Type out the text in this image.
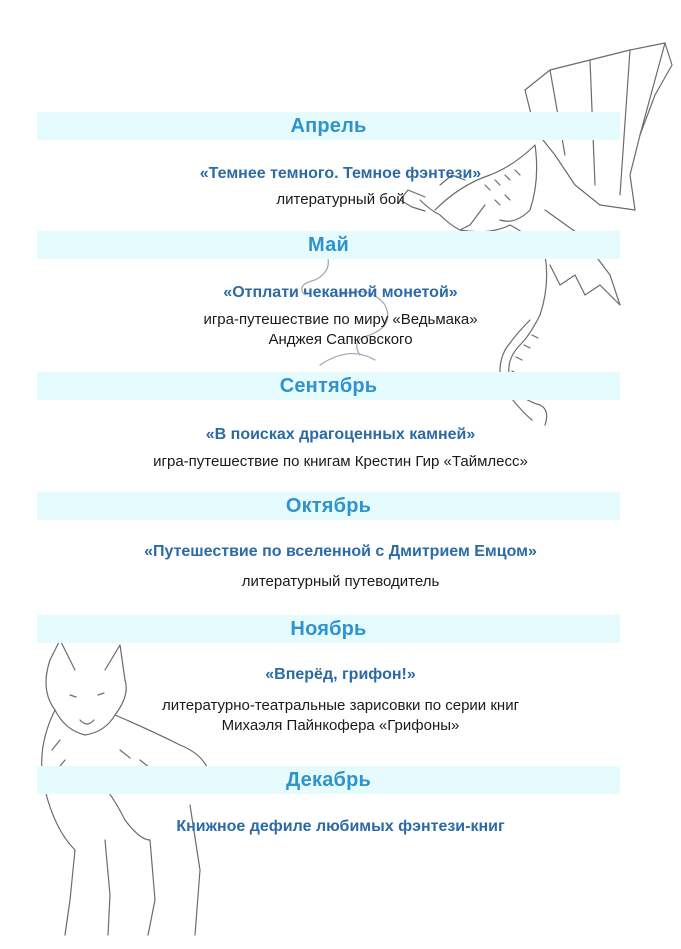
Апрель
«Темнее темного. Темное фэнтези»
литературный бой
Май
«Отплати чеканной монетой»
игра-путешествие по миру «Ведьмака»
Анджея Сапковского
Сентябрь
«В поисках драгоценных камней»
игра-путешествие по книгам Крестин Гир «Таймлесс»
Октябрь
«Путешествие по вселенной с Дмитрием Емцом»
литературный путеводитель
Ноябрь
«Вперёд, грифон!»
литературно-театральные зарисовки по серии книг
Михаэля Пайнкофера «Грифоны»
Декабрь
Книжное дефиле любимых фэнтези-книг
